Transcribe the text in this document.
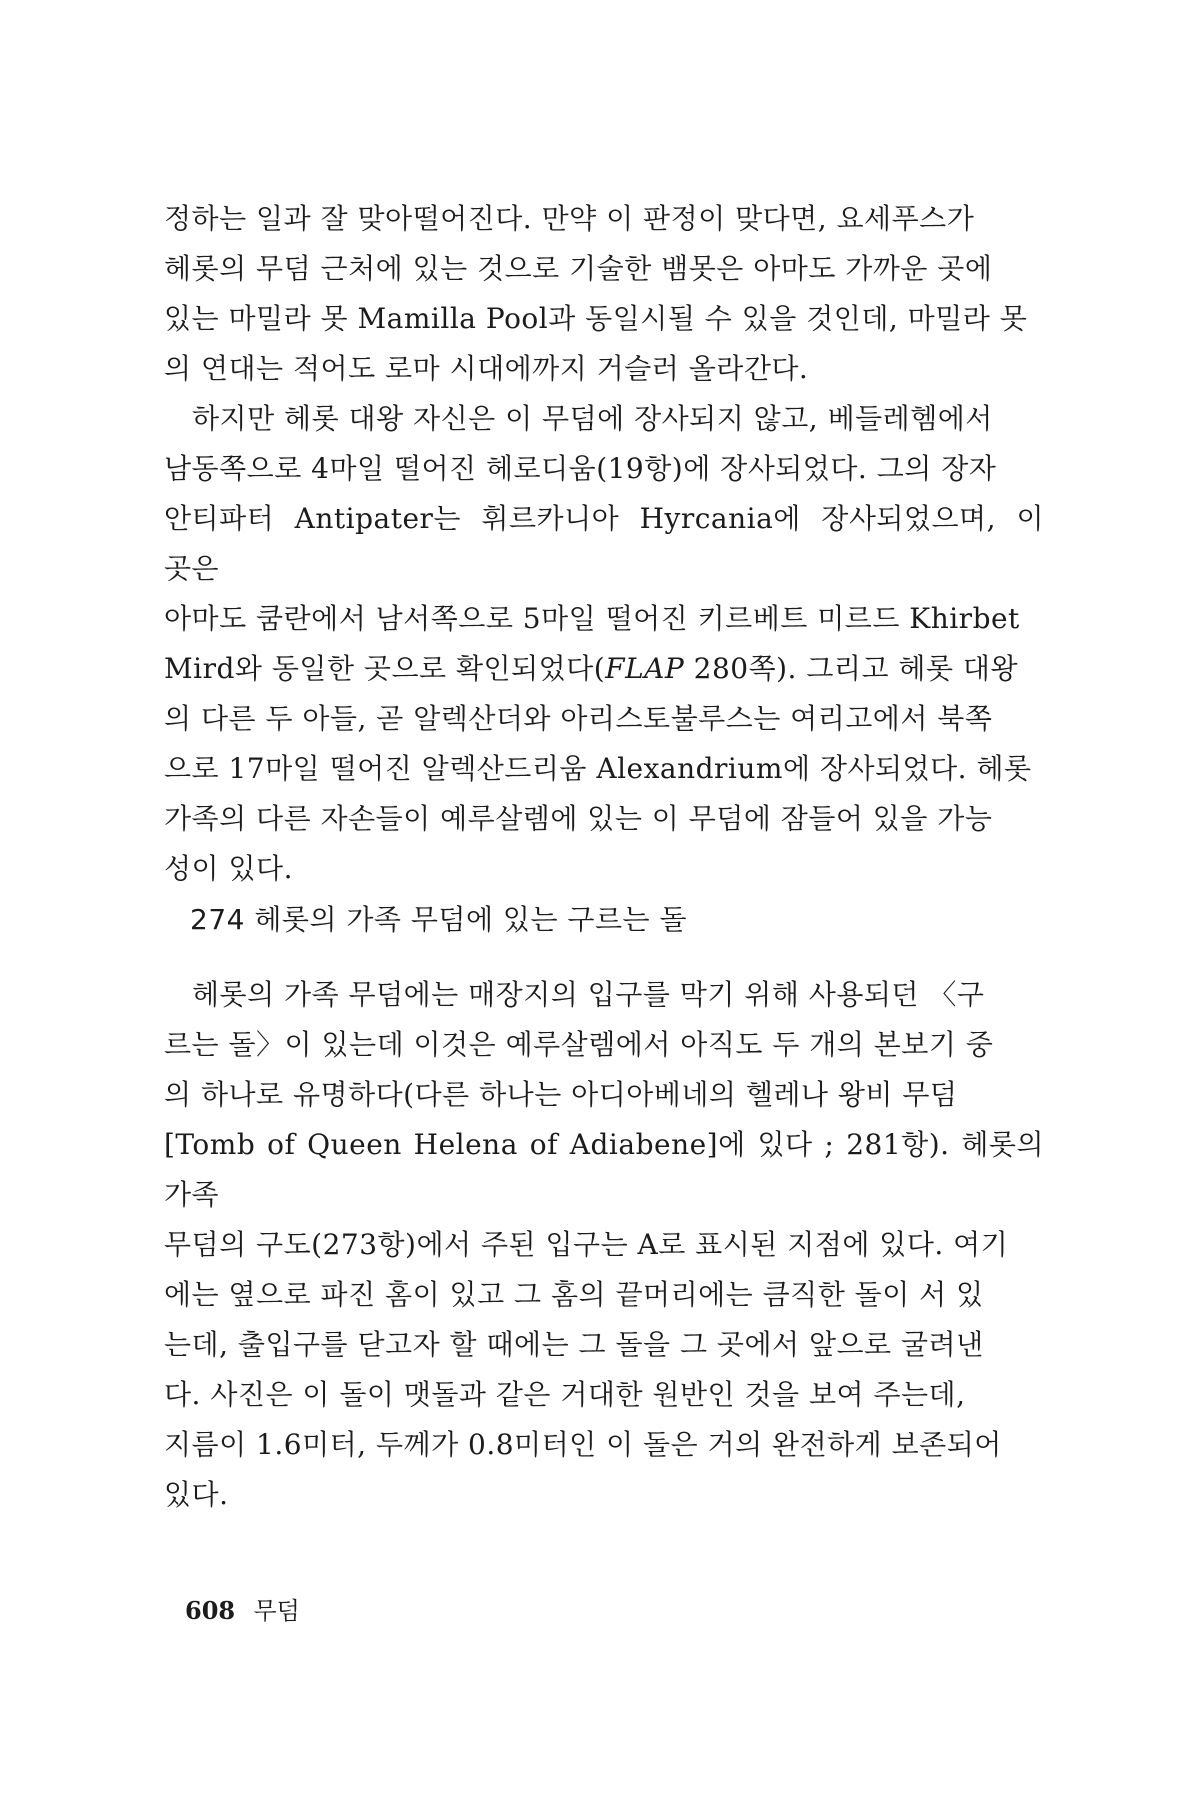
정하는 일과 잘 맞아떨어진다. 만약 이 판정이 맞다면, 요세푸스가
헤롯의 무덤 근처에 있는 것으로 기술한 뱀못은 아마도 가까운 곳에
있는 마밀라 못 Mamilla Pool과 동일시될 수 있을 것인데, 마밀라 못
의 연대는 적어도 로마 시대에까지 거슬러 올라간다.

하지만 헤롯 대왕 자신은 이 무덤에 장사되지 않고, 베들레헴에서
남동쪽으로 4마일 떨어진 헤로디움(19항)에 장사되었다. 그의 장자
안티파터 Antipater는 휘르카니아 Hyrcania에 장사되었으며, 이 곳은
아마도 쿰란에서 남서쪽으로 5마일 떨어진 키르베트 미르드 Khirbet
Mird와 동일한 곳으로 확인되었다(FLAP 280쪽). 그리고 헤롯 대왕
의 다른 두 아들, 곧 알렉산더와 아리스토불루스는 여리고에서 북쪽
으로 17마일 떨어진 알렉산드리움 Alexandrium에 장사되었다. 헤롯
가족의 다른 자손들이 예루살렘에 있는 이 무덤에 잠들어 있을 가능
성이 있다.

274 헤롯의 가족 무덤에 있는 구르는 돌

헤롯의 가족 무덤에는 매장지의 입구를 막기 위해 사용되던 〈구
르는 돌〉이 있는데 이것은 예루살렘에서 아직도 두 개의 본보기 중
의 하나로 유명하다(다른 하나는 아디아베네의 헬레나 왕비 무덤
[Tomb of Queen Helena of Adiabene]에 있다 ; 281항). 헤롯의 가족
무덤의 구도(273항)에서 주된 입구는 A로 표시된 지점에 있다. 여기
에는 옆으로 파진 홈이 있고 그 홈의 끝머리에는 큼직한 돌이 서 있
는데, 출입구를 닫고자 할 때에는 그 돌을 그 곳에서 앞으로 굴려낸
다. 사진은 이 돌이 맷돌과 같은 거대한 원반인 것을 보여 주는데,
지름이 1.6미터, 두께가 0.8미터인 이 돌은 거의 완전하게 보존되어
있다.

608 무덤
